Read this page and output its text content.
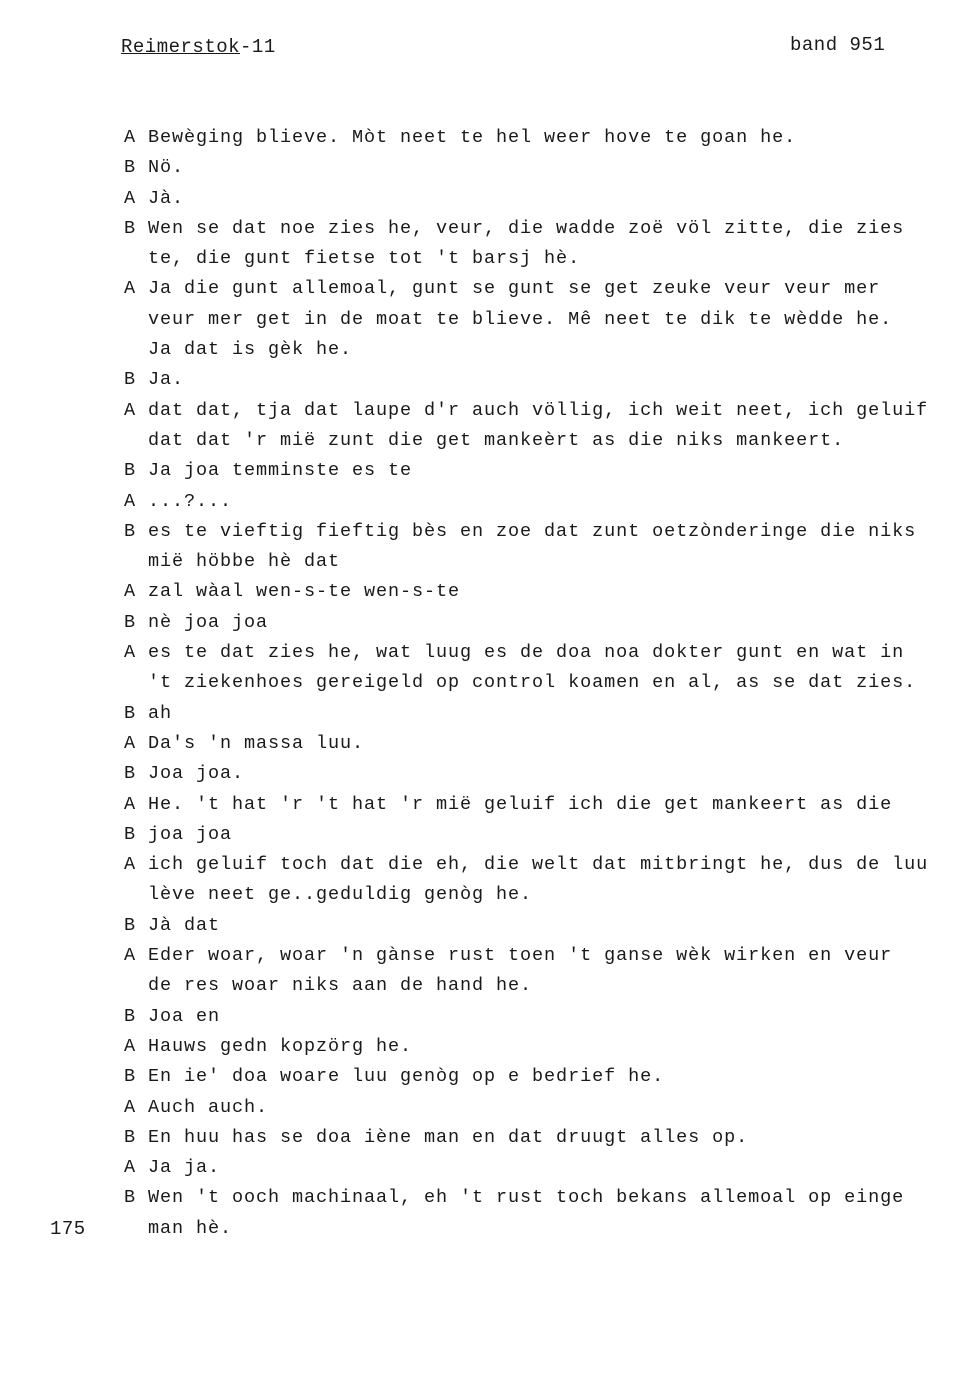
Reimerstok-11	band 951
A Bewèging blieve. Mòt neet te hel weer hove te goan he.
B Nö.
A Jà.
B Wen se dat noe zies he, veur, die wadde zoë völ zitte, die zies
te, die gunt fietse tot 't barsj hè.
A Ja die gunt allemoal, gunt se gunt se get zeuke veur veur mer
veur mer get in de moat te blieve. Mê neet te dik te wèdde he.
Ja dat is gèk he.
B Ja.
A dat dat, tja dat laupe d'r auch völlig, ich weit neet, ich geluif
dat dat 'r mië zunt die get mankeèrt as die niks mankeert.
B Ja joa temminste es te
A ...?...
B es te vieftig fieftig bès en zoe dat zunt oetzònderinge die niks
mië höbbe hè dat
A zal wàal wen-s-te wen-s-te
B nè joa joa
A es te dat zies he, wat luug es de doa noa dokter gunt en wat in
't ziekenhoes gereigeld op control koamen en al, as se dat zies.
B ah
A Da's 'n massa luu.
B Joa joa.
A He. 't hat 'r 't hat 'r mië geluif ich die get mankeert as die
B joa joa
A ich geluif toch dat die eh, die welt dat mitbringt he, dus de luu
lève neet ge..geduldig genòg he.
B Jà dat
A Eder woar, woar 'n gànse rust toen 't ganse wèk wirken en veur
de res woar niks aan de hand he.
B Joa en
A Hauws gedn kopzörg he.
B En ie' doa woare luu genòg op e bedrief he.
A Auch auch.
B En huu has se doa iène man en dat druugt alles op.
A Ja ja.
B Wen 't ooch machinaal, eh 't rust toch bekans allemoal op einge
man hè.
175
